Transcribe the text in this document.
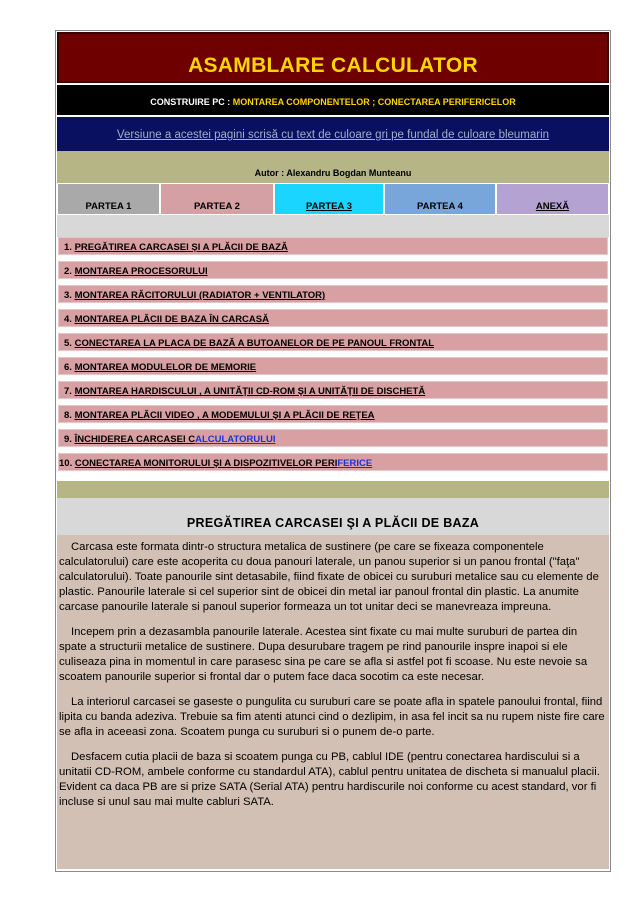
ASAMBLARE CALCULATOR
CONSTRUIRE PC : MONTAREA COMPONENTELOR ; CONECTAREA PERIFERICELOR
Versiune a acestei pagini scrisă cu text de culoare gri pe fundal de culoare bleumarin
Autor : Alexandru Bogdan Munteanu
PARTEA 1	PARTEA 2	PARTEA 3	PARTEA 4	ANEXĂ
1. PREGĂTIREA CARCASEI ŞI A PLĂCII DE BAZĂ
2. MONTAREA PROCESORULUI
3. MONTAREA RĂCITORULUI (RADIATOR + VENTILATOR)
4. MONTAREA PLĂCII DE BAZA ÎN CARCASĂ
5. CONECTAREA LA PLACA DE BAZĂ A BUTOANELOR DE PE PANOUL FRONTAL
6. MONTAREA MODULELOR DE MEMORIE
7. MONTAREA HARDISCULUI , A UNITĂŢII CD-ROM ŞI A UNITĂŢII DE DISCHETĂ
8. MONTAREA PLĂCII VIDEO , A MODEMULUI ŞI A PLĂCII DE REŢEA
9. ÎNCHIDEREA CARCASEI CALCULATORULUI
10. CONECTAREA MONITORULUI ŞI A DISPOZITIVELOR PERIFERICE
PREGĂTIREA CARCASEI ŞI A PLĂCII DE BAZA

Carcasa este formata dintr-o structura metalica de sustinere (pe care se fixeaza componentele calculatorului) care este acoperita cu doua panouri laterale, un panou superior si un panou frontal ("faţa" calculatorului). Toate panourile sint detasabile, fiind fixate de obicei cu suruburi metalice sau cu elemente de plastic. Panourile laterale si cel superior sint de obicei din metal iar panoul frontal din plastic. La anumite carcase panourile laterale si panoul superior formeaza un tot unitar deci se manevreaza impreuna.

Incepem prin a dezasambla panourile laterale. Acestea sint fixate cu mai multe suruburi de partea din spate a structurii metalice de sustinere. Dupa desurubare tragem pe rind panourile inspre inapoi si ele culiseaza pina in momentul in care parasesc sina pe care se afla si astfel pot fi scoase. Nu este nevoie sa scoatem panourile superior si frontal dar o putem face daca socotim ca este necesar.

La interiorul carcasei se gaseste o pungulita cu suruburi care se poate afla in spatele panoului frontal, fiind lipita cu banda adeziva. Trebuie sa fim atenti atunci cind o dezlipim, in asa fel incit sa nu rupem niste fire care se afla in aceeasi zona. Scoatem punga cu suruburi si o punem de-o parte.

Desfacem cutia placii de baza si scoatem punga cu PB, cablul IDE (pentru conectarea hardiscului si a unitatii CD-ROM, ambele conforme cu standardul ATA), cablul pentru unitatea de discheta si manualul placii. Evident ca daca PB are si prize SATA (Serial ATA) pentru hardiscurile noi conforme cu acest standard, vor fi incluse si unul sau mai multe cabluri SATA.
